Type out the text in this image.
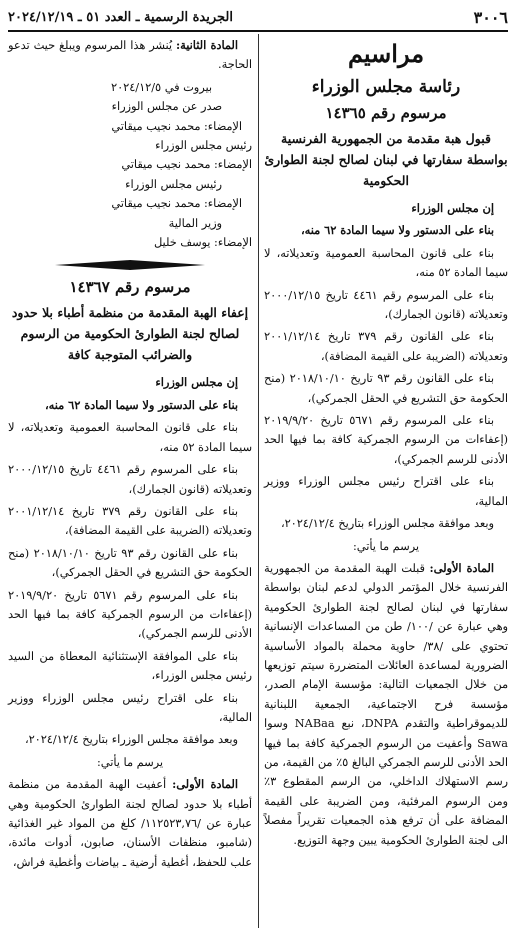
٣٠٠٦
الجريدة الرسمية ـ العدد ٥١ ـ ٢٠٢٤/١٢/١٩
مراسيم
رئاسة مجلس الوزراء
مرسوم رقم ١٤٣٦٥
قبول هبة مقدمة من الجمهورية الفرنسية بواسطة سفارتها في لبنان لصالح لجنة الطوارئ الحكومية

إن مجلس الوزراء

بناء على الدستور ولا سيما المادة ٦٢ منه،

بناء على قانون المحاسبة العمومية وتعديلاته، لا سيما المادة ٥٢ منه،

بناء على المرسوم رقم ٤٤٦١ تاريخ ٢٠٠٠/١٢/١٥ وتعديلاته (قانون الجمارك)،

بناء على القانون رقم ٣٧٩ تاريخ ٢٠٠١/١٢/١٤ وتعديلاته (الضريبة على القيمة المضافة)،

بناء على القانون رقم ٩٣ تاريخ ٢٠١٨/١٠/١٠ (منح الحكومة حق التشريع في الحقل الجمركي)،

بناء على المرسوم رقم ٥٦٧١ تاريخ ٢٠١٩/٩/٢٠ (إعفاءات من الرسوم الجمركية كافة بما فيها الحد الأدنى للرسم الجمركي)،

بناء على اقتراح رئيس مجلس الوزراء ووزير المالية،

وبعد موافقة مجلس الوزراء بتاريخ ٢٠٢٤/١٢/٤،

يرسم ما يأتي:

المادة الأولى: قبلت الهبة المقدمة من الجمهورية الفرنسية خلال المؤتمر الدولي لدعم لبنان بواسطة سفارتها في لبنان لصالح لجنة الطوارئ الحكومية وهي عبارة عن /١٠٠/ طن من المساعدات الإنسانية تحتوي على /٣٨/ حاوية محملة بالمواد الأساسية الضرورية لمساعدة العائلات المتضررة سيتم توزيعها من خلال الجمعيات التالية: مؤسسة الإمام الصدر، مؤسسة فرح الاجتماعية، الجمعية اللبنانية للديموقراطية والتقدم DNPA، نبع NABaa وسوا Sawa وأعفيت من الرسوم الجمركية كافة بما فيها الحد الأدنى للرسم الجمركي البالغ ٥٪ من القيمة، من رسم الاستهلاك الداخلي، من الرسم المقطوع ٣٪ ومن الرسوم المرفئية، ومن الضريبة على القيمة المضافة على أن ترفع هذه الجمعيات تقريراً مفصلاً الى لجنة الطوارئ الحكومية يبين وجهة التوزيع.

المادة الثانية: يُنشر هذا المرسوم ويبلغ حيث تدعو الحاجة.

بيروت في ٢٠٢٤/١٢/٥

صدر عن مجلس الوزراء

الإمضاء: محمد نجيب ميقاتي

رئيس مجلس الوزراء

الإمضاء: محمد نجيب ميقاتي

رئيس مجلس الوزراء

الإمضاء: محمد نجيب ميقاتي

وزير المالية

الإمضاء: يوسف خليل

مرسوم رقم ١٤٣٦٧
إعفاء الهبة المقدمة من منظمة أطباء بلا حدود لصالح لجنة الطوارئ الحكومية من الرسوم والضرائب المتوجبة كافة

إن مجلس الوزراء

بناء على الدستور ولا سيما المادة ٦٢ منه،

بناء على قانون المحاسبة العمومية وتعديلاته، لا سيما المادة ٥٢ منه،

بناء على المرسوم رقم ٤٤٦١ تاريخ ٢٠٠٠/١٢/١٥ وتعديلاته (قانون الجمارك)،

بناء على القانون رقم ٣٧٩ تاريخ ٢٠٠١/١٢/١٤ وتعديلاته (الضريبة على القيمة المضافة)،

بناء على القانون رقم ٩٣ تاريخ ٢٠١٨/١٠/١٠ (منح الحكومة حق التشريع في الحقل الجمركي)،

بناء على المرسوم رقم ٥٦٧١ تاريخ ٢٠١٩/٩/٢٠ (إعفاءات من الرسوم الجمركية كافة بما فيها الحد الأدنى للرسم الجمركي)،

بناء على الموافقة الإستثنائية المعطاة من السيد رئيس مجلس الوزراء،

بناء على اقتراح رئيس مجلس الوزراء ووزير المالية،

وبعد موافقة مجلس الوزراء بتاريخ ٢٠٢٤/١٢/٤،

يرسم ما يأتي:

المادة الأولى: أعفيت الهبة المقدمة من منظمة أطباء بلا حدود لصالح لجنة الطوارئ الحكومية وهي عبارة عن /١١٢٥٢٣,٧٦/ كلغ من المواد غير الغذائية (شامبو، منظفات الأسنان، صابون، أدوات مائدة، علب للحفظ، أغطية أرضية ـ بياضات وأغطية فراش،
